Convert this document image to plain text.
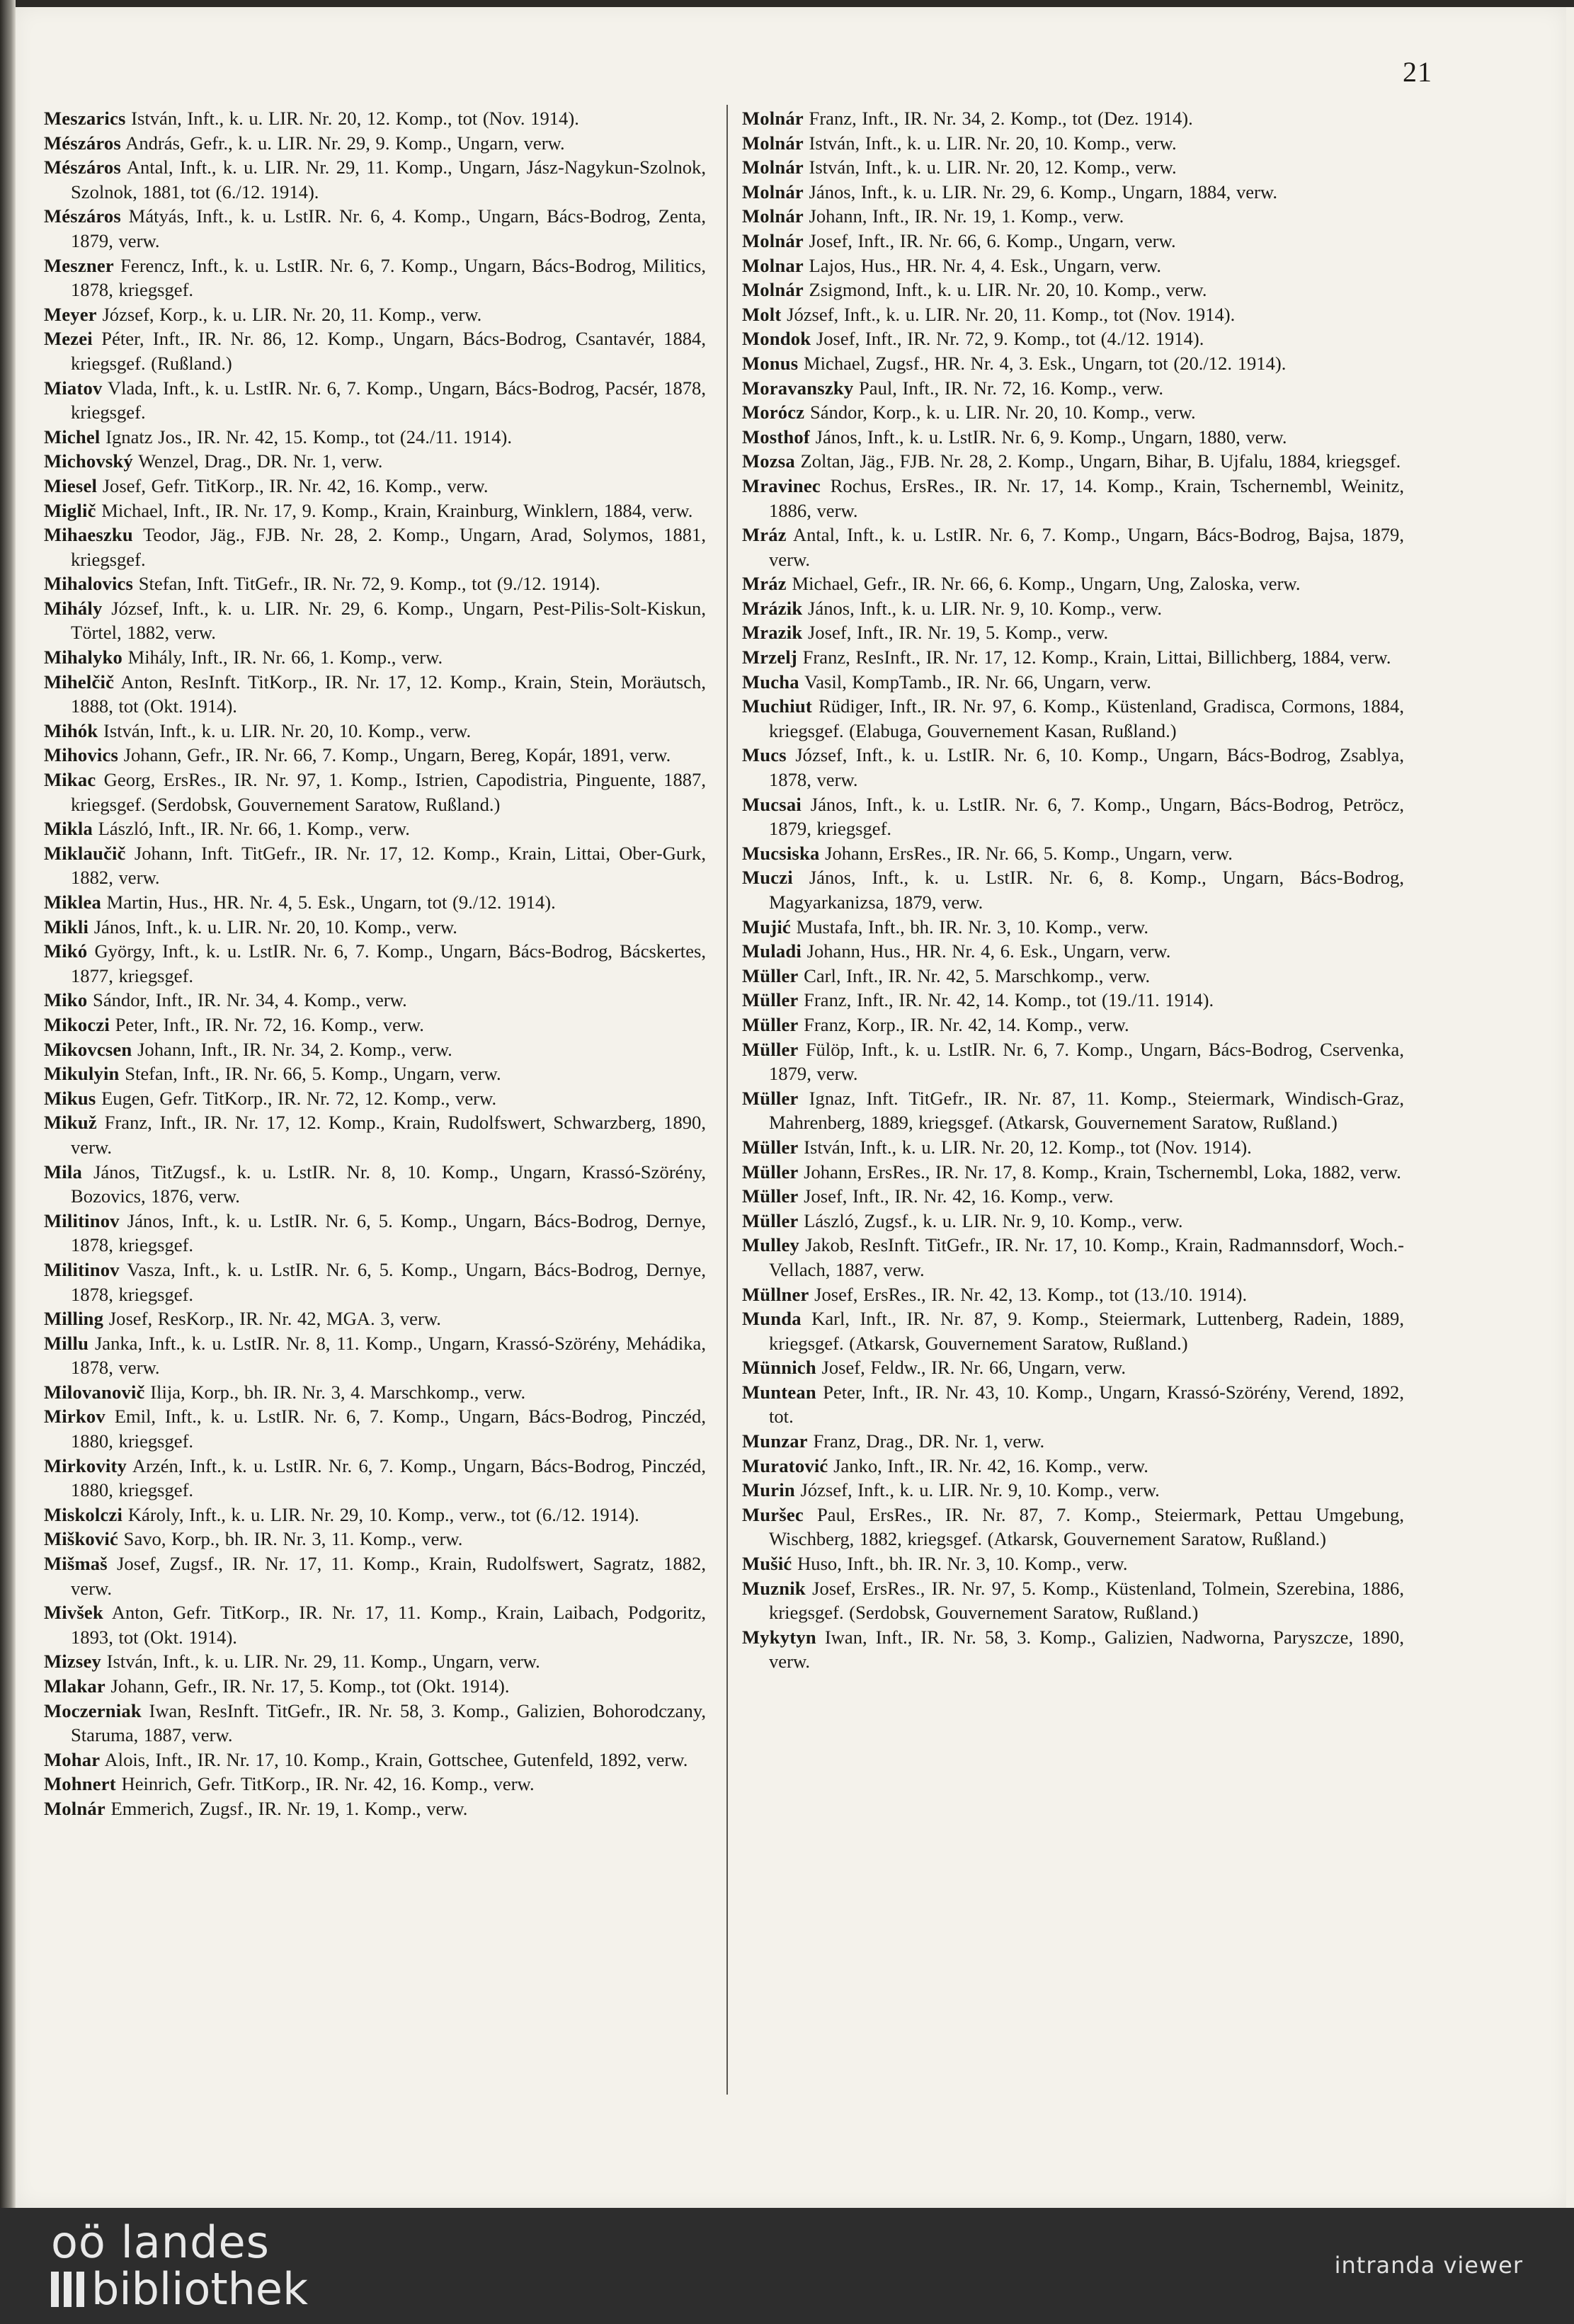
21

Meszarics István, Inft., k. u. LIR. Nr. 20, 12. Komp., tot (Nov. 1914).

Mészáros András, Gefr., k. u. LIR. Nr. 29, 9. Komp., Ungarn, verw.

Mészáros Antal, Inft., k. u. LIR. Nr. 29, 11. Komp., Ungarn, Jász-Nagykun-Szolnok, Szolnok, 1881, tot (6./12. 1914).

Mészáros Mátyás, Inft., k. u. LstIR. Nr. 6, 4. Komp., Ungarn, Bács-Bodrog, Zenta, 1879, verw.

Meszner Ferencz, Inft., k. u. LstIR. Nr. 6, 7. Komp., Ungarn, Bács-Bodrog, Militics, 1878, kriegsgef.

Meyer József, Korp., k. u. LIR. Nr. 20, 11. Komp., verw.

Mezei Péter, Inft., IR. Nr. 86, 12. Komp., Ungarn, Bács-Bodrog, Csantavér, 1884, kriegsgef. (Rußland.)

Miatov Vlada, Inft., k. u. LstIR. Nr. 6, 7. Komp., Ungarn, Bács-Bodrog, Pacsér, 1878, kriegsgef.

Michel Ignatz Jos., IR. Nr. 42, 15. Komp., tot (24./11. 1914).

Michovský Wenzel, Drag., DR. Nr. 1, verw.

Miesel Josef, Gefr. TitKorp., IR. Nr. 42, 16. Komp., verw.

Miglič Michael, Inft., IR. Nr. 17, 9. Komp., Krain, Krainburg, Winklern, 1884, verw.

Mihaeszku Teodor, Jäg., FJB. Nr. 28, 2. Komp., Ungarn, Arad, Solymos, 1881, kriegsgef.

Mihalovics Stefan, Inft. TitGefr., IR. Nr. 72, 9. Komp., tot (9./12. 1914).

Mihály József, Inft., k. u. LIR. Nr. 29, 6. Komp., Ungarn, Pest-Pilis-Solt-Kiskun, Törtel, 1882, verw.

Mihalyko Mihály, Inft., IR. Nr. 66, 1. Komp., verw.

Mihelčič Anton, ResInft. TitKorp., IR. Nr. 17, 12. Komp., Krain, Stein, Moräutsch, 1888, tot (Okt. 1914).

Mihók István, Inft., k. u. LIR. Nr. 20, 10. Komp., verw.

Mihovics Johann, Gefr., IR. Nr. 66, 7. Komp., Ungarn, Bereg, Kopár, 1891, verw.

Mikac Georg, ErsRes., IR. Nr. 97, 1. Komp., Istrien, Capodistria, Pinguente, 1887, kriegsgef. (Serdobsk, Gouvernement Saratow, Rußland.)

Mikla László, Inft., IR. Nr. 66, 1. Komp., verw.

Miklaučič Johann, Inft. TitGefr., IR. Nr. 17, 12. Komp., Krain, Littai, Ober-Gurk, 1882, verw.

Miklea Martin, Hus., HR. Nr. 4, 5. Esk., Ungarn, tot (9./12. 1914).

Mikli János, Inft., k. u. LIR. Nr. 20, 10. Komp., verw.

Mikó György, Inft., k. u. LstIR. Nr. 6, 7. Komp., Ungarn, Bács-Bodrog, Bácskertes, 1877, kriegsgef.

Miko Sándor, Inft., IR. Nr. 34, 4. Komp., verw.

Mikoczi Peter, Inft., IR. Nr. 72, 16. Komp., verw.

Mikovcsen Johann, Inft., IR. Nr. 34, 2. Komp., verw.

Mikulyin Stefan, Inft., IR. Nr. 66, 5. Komp., Ungarn, verw.

Mikus Eugen, Gefr. TitKorp., IR. Nr. 72, 12. Komp., verw.

Mikuž Franz, Inft., IR. Nr. 17, 12. Komp., Krain, Rudolfswert, Schwarzberg, 1890, verw.

Mila János, TitZugsf., k. u. LstIR. Nr. 8, 10. Komp., Ungarn, Krassó-Szörény, Bozovics, 1876, verw.

Militinov János, Inft., k. u. LstIR. Nr. 6, 5. Komp., Ungarn, Bács-Bodrog, Dernye, 1878, kriegsgef.

Militinov Vasza, Inft., k. u. LstIR. Nr. 6, 5. Komp., Ungarn, Bács-Bodrog, Dernye, 1878, kriegsgef.

Milling Josef, ResKorp., IR. Nr. 42, MGA. 3, verw.

Millu Janka, Inft., k. u. LstIR. Nr. 8, 11. Komp., Ungarn, Krassó-Szörény, Mehádika, 1878, verw.

Milovanovič Ilija, Korp., bh. IR. Nr. 3, 4. Marschkomp., verw.

Mirkov Emil, Inft., k. u. LstIR. Nr. 6, 7. Komp., Ungarn, Bács-Bodrog, Pinczéd, 1880, kriegsgef.

Mirkovity Arzén, Inft., k. u. LstIR. Nr. 6, 7. Komp., Ungarn, Bács-Bodrog, Pinczéd, 1880, kriegsgef.

Miskolczi Károly, Inft., k. u. LIR. Nr. 29, 10. Komp., verw., tot (6./12. 1914).

Mišković Savo, Korp., bh. IR. Nr. 3, 11. Komp., verw.

Mišmaš Josef, Zugsf., IR. Nr. 17, 11. Komp., Krain, Rudolfswert, Sagratz, 1882, verw.

Mivšek Anton, Gefr. TitKorp., IR. Nr. 17, 11. Komp., Krain, Laibach, Podgoritz, 1893, tot (Okt. 1914).

Mizsey István, Inft., k. u. LIR. Nr. 29, 11. Komp., Ungarn, verw.

Mlakar Johann, Gefr., IR. Nr. 17, 5. Komp., tot (Okt. 1914).

Moczerniak Iwan, ResInft. TitGefr., IR. Nr. 58, 3. Komp., Galizien, Bohorodczany, Staruma, 1887, verw.

Mohar Alois, Inft., IR. Nr. 17, 10. Komp., Krain, Gottschee, Gutenfeld, 1892, verw.

Mohnert Heinrich, Gefr. TitKorp., IR. Nr. 42, 16. Komp., verw.

Molnár Emmerich, Zugsf., IR. Nr. 19, 1. Komp., verw.

Molnár Franz, Inft., IR. Nr. 34, 2. Komp., tot (Dez. 1914).

Molnár István, Inft., k. u. LIR. Nr. 20, 10. Komp., verw.

Molnár István, Inft., k. u. LIR. Nr. 20, 12. Komp., verw.

Molnár János, Inft., k. u. LIR. Nr. 29, 6. Komp., Ungarn, 1884, verw.

Molnár Johann, Inft., IR. Nr. 19, 1. Komp., verw.

Molnár Josef, Inft., IR. Nr. 66, 6. Komp., Ungarn, verw.

Molnar Lajos, Hus., HR. Nr. 4, 4. Esk., Ungarn, verw.

Molnár Zsigmond, Inft., k. u. LIR. Nr. 20, 10. Komp., verw.

Molt József, Inft., k. u. LIR. Nr. 20, 11. Komp., tot (Nov. 1914).

Mondok Josef, Inft., IR. Nr. 72, 9. Komp., tot (4./12. 1914).

Monus Michael, Zugsf., HR. Nr. 4, 3. Esk., Ungarn, tot (20./12. 1914).

Moravanszky Paul, Inft., IR. Nr. 72, 16. Komp., verw.

Morócz Sándor, Korp., k. u. LIR. Nr. 20, 10. Komp., verw.

Mosthof János, Inft., k. u. LstIR. Nr. 6, 9. Komp., Ungarn, 1880, verw.

Mozsa Zoltan, Jäg., FJB. Nr. 28, 2. Komp., Ungarn, Bihar, B. Ujfalu, 1884, kriegsgef.

Mravinec Rochus, ErsRes., IR. Nr. 17, 14. Komp., Krain, Tschernembl, Weinitz, 1886, verw.

Mráz Antal, Inft., k. u. LstIR. Nr. 6, 7. Komp., Ungarn, Bács-Bodrog, Bajsa, 1879, verw.

Mráz Michael, Gefr., IR. Nr. 66, 6. Komp., Ungarn, Ung, Zaloska, verw.

Mrázik János, Inft., k. u. LIR. Nr. 9, 10. Komp., verw.

Mrazik Josef, Inft., IR. Nr. 19, 5. Komp., verw.

Mrzelj Franz, ResInft., IR. Nr. 17, 12. Komp., Krain, Littai, Billichberg, 1884, verw.

Mucha Vasil, KompTamb., IR. Nr. 66, Ungarn, verw.

Muchiut Rüdiger, Inft., IR. Nr. 97, 6. Komp., Küstenland, Gradisca, Cormons, 1884, kriegsgef. (Elabuga, Gouvernement Kasan, Rußland.)

Mucs József, Inft., k. u. LstIR. Nr. 6, 10. Komp., Ungarn, Bács-Bodrog, Zsablya, 1878, verw.

Mucsai János, Inft., k. u. LstIR. Nr. 6, 7. Komp., Ungarn, Bács-Bodrog, Petröcz, 1879, kriegsgef.

Mucsiska Johann, ErsRes., IR. Nr. 66, 5. Komp., Ungarn, verw.

Muczi János, Inft., k. u. LstIR. Nr. 6, 8. Komp., Ungarn, Bács-Bodrog, Magyarkanizsa, 1879, verw.

Mujić Mustafa, Inft., bh. IR. Nr. 3, 10. Komp., verw.

Muladi Johann, Hus., HR. Nr. 4, 6. Esk., Ungarn, verw.

Müller Carl, Inft., IR. Nr. 42, 5. Marschkomp., verw.

Müller Franz, Inft., IR. Nr. 42, 14. Komp., tot (19./11. 1914).

Müller Franz, Korp., IR. Nr. 42, 14. Komp., verw.

Müller Fülöp, Inft., k. u. LstIR. Nr. 6, 7. Komp., Ungarn, Bács-Bodrog, Cservenka, 1879, verw.

Müller Ignaz, Inft. TitGefr., IR. Nr. 87, 11. Komp., Steiermark, Windisch-Graz, Mahrenberg, 1889, kriegsgef. (Atkarsk, Gouvernement Saratow, Rußland.)

Müller István, Inft., k. u. LIR. Nr. 20, 12. Komp., tot (Nov. 1914).

Müller Johann, ErsRes., IR. Nr. 17, 8. Komp., Krain, Tschernembl, Loka, 1882, verw.

Müller Josef, Inft., IR. Nr. 42, 16. Komp., verw.

Müller László, Zugsf., k. u. LIR. Nr. 9, 10. Komp., verw.

Mulley Jakob, ResInft. TitGefr., IR. Nr. 17, 10. Komp., Krain, Radmannsdorf, Woch.-Vellach, 1887, verw.

Müllner Josef, ErsRes., IR. Nr. 42, 13. Komp., tot (13./10. 1914).

Munda Karl, Inft., IR. Nr. 87, 9. Komp., Steiermark, Luttenberg, Radein, 1889, kriegsgef. (Atkarsk, Gouvernement Saratow, Rußland.)

Münnich Josef, Feldw., IR. Nr. 66, Ungarn, verw.

Muntean Peter, Inft., IR. Nr. 43, 10. Komp., Ungarn, Krassó-Szörény, Verend, 1892, tot.

Munzar Franz, Drag., DR. Nr. 1, verw.

Muratović Janko, Inft., IR. Nr. 42, 16. Komp., verw.

Murin József, Inft., k. u. LIR. Nr. 9, 10. Komp., verw.

Muršec Paul, ErsRes., IR. Nr. 87, 7. Komp., Steiermark, Pettau Umgebung, Wischberg, 1882, kriegsgef. (Atkarsk, Gouvernement Saratow, Rußland.)

Mušić Huso, Inft., bh. IR. Nr. 3, 10. Komp., verw.

Muznik Josef, ErsRes., IR. Nr. 97, 5. Komp., Küstenland, Tolmein, Szerebina, 1886, kriegsgef. (Serdobsk, Gouvernement Saratow, Rußland.)

Mykytyn Iwan, Inft., IR. Nr. 58, 3. Komp., Galizien, Nadworna, Paryszcze, 1890, verw.

oö landes
bibliothek	intranda viewer
